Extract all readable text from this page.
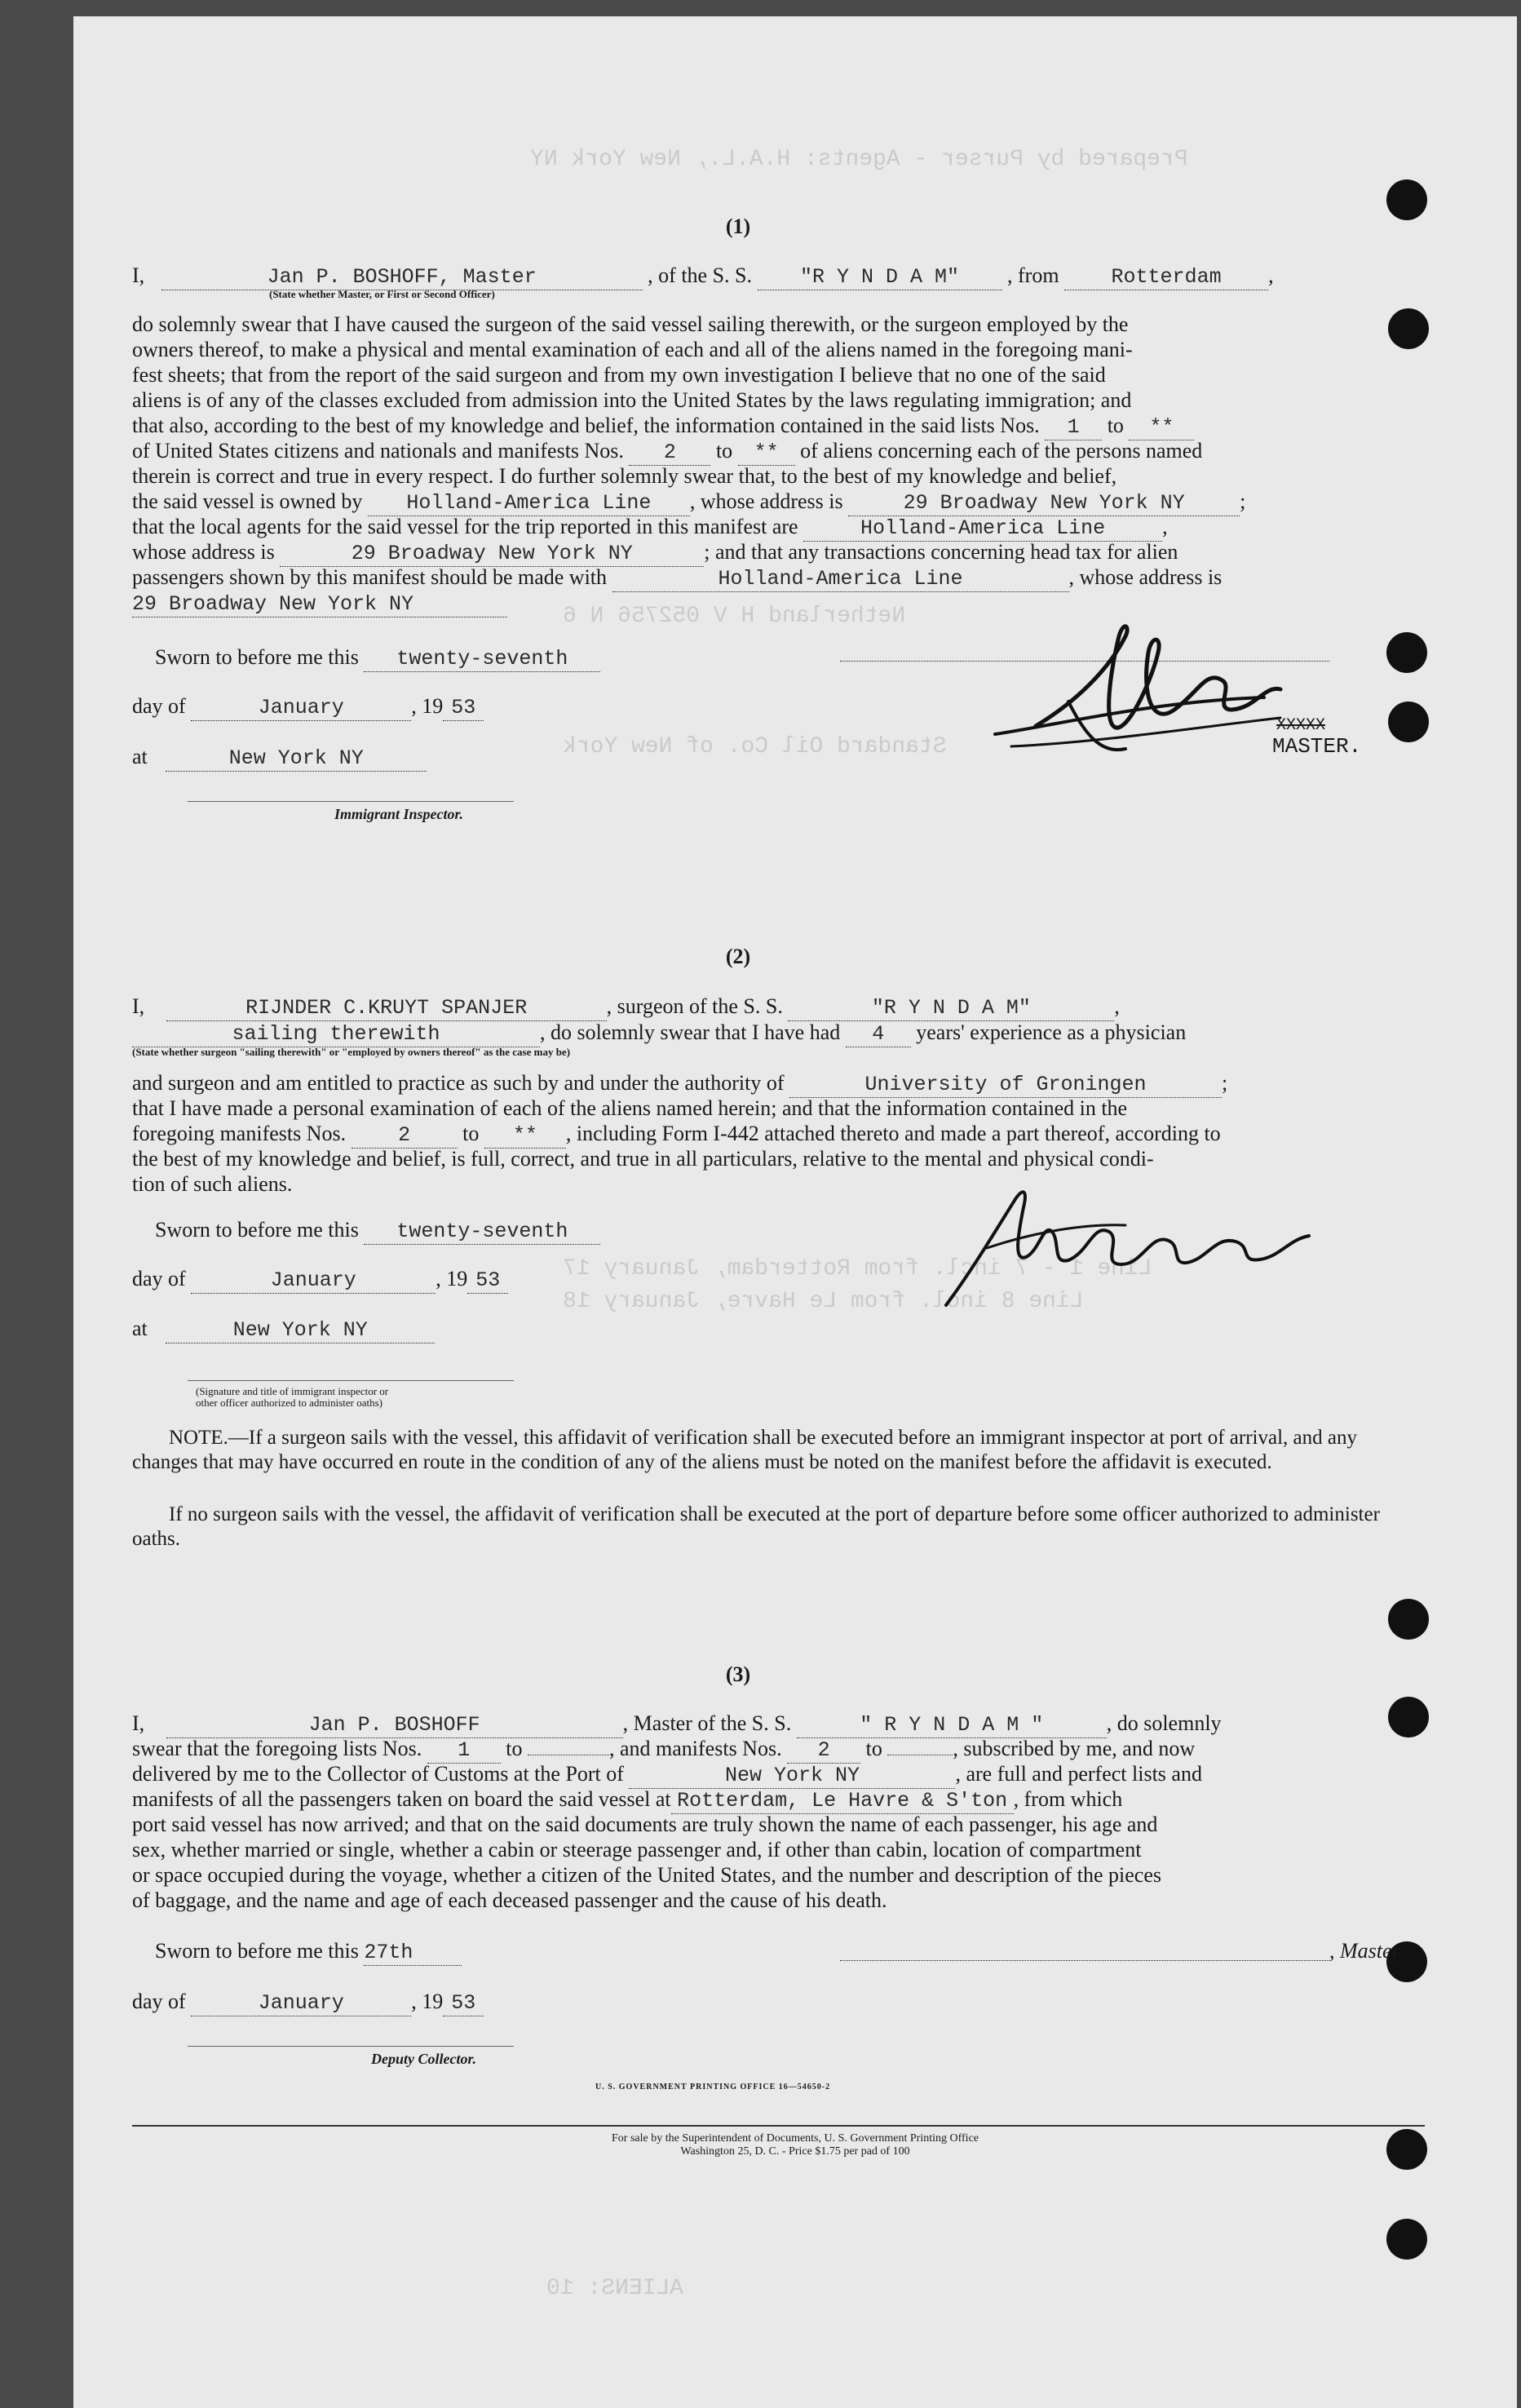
Prepared by Purser - Agents: H.A.L., New York NY
Netherland H V 052756 N 6
Standard Oil Co. of New York
Line 1 - 7 incl. from Rotterdam, January 17
Line 8 incl. from Le Havre, January 18
ALIENS: 10
(1)
I,	Jan P. BOSHOFF, Master	, of the S. S. "R Y N D A M" , from	Rotterdam ,
(State whether Master, or First or Second Officer)
do solemnly swear that I have caused the surgeon of the said vessel sailing therewith, or the surgeon employed by the
owners thereof, to make a physical and mental examination of each and all of the aliens named in the foregoing mani-
fest sheets; that from the report of the said surgeon and from my own investigation I believe that no one of the said
aliens is of any of the classes excluded from admission into the United States by the laws regulating immigration; and
that also, according to the best of my knowledge and belief, the information contained in the said lists Nos. 1 to **
of United States citizens and nationals and manifests Nos. 2 to ** of aliens concerning each of the persons named
therein is correct and true in every respect. I do further solemnly swear that, to the best of my knowledge and belief,
the said vessel is owned by Holland-America Line , whose address is	29 Broadway New York NY	;
that the local agents for the said vessel for the trip reported in this manifest are	Holland-America Line	,
whose address is	29 Broadway New York NY	; and that any transactions concerning head tax for alien
passengers shown by this manifest should be made with	Holland-America Line	, whose address is
29 Broadway New York NY
Sworn to before me this twenty-seventh
day of	January	, 19 53
at	New York NY
Immigrant Inspector.
XXXXX
MASTER.
(2)
I,	RIJNDER C.KRUYT SPANJER	, surgeon of the S. S.	"R Y N D A M"	,
sailing therewith	, do solemnly swear that I have had 4 years' experience as a physician
(State whether surgeon "sailing therewith" or "employed by owners thereof" as the case may be)
and surgeon and am entitled to practice as such by and under the authority of	University of Groningen	;
that I have made a personal examination of each of the aliens named herein; and that the information contained in the
foregoing manifests Nos.	2 to ** , including Form I-442 attached thereto and made a part thereof, according to
the best of my knowledge and belief, is full, correct, and true in all particulars, relative to the mental and physical condi-
tion of such aliens.
Sworn to before me this twenty-seventh
day of	January	, 19 53
at	New York NY
(Signature and title of immigrant inspector or
other officer authorized to administer oaths)
NOTE.—If a surgeon sails with the vessel, this affidavit of verification shall be executed before an immigrant inspector at port of arrival, and any changes that may have occurred en route in the condition of any of the aliens must be noted on the manifest before the affidavit is executed.
If no surgeon sails with the vessel, the affidavit of verification shall be executed at the port of departure before some officer authorized to administer oaths.
(3)
I,	Jan P. BOSHOFF	, Master of the S. S.	" R Y N D A M "	, do solemnly
swear that the foregoing lists Nos. 1 to	, and manifests Nos. 2 to	, subscribed by me, and now
delivered by me to the Collector of Customs at the Port of	New York NY	, are full and perfect lists and
manifests of all the passengers taken on board the said vessel at Rotterdam, Le Havre & S'ton , from which
port said vessel has now arrived; and that on the said documents are truly shown the name of each passenger, his age and
sex, whether married or single, whether a cabin or steerage passenger and, if other than cabin, location of compartment
or space occupied during the voyage, whether a citizen of the United States, and the number and description of the pieces
of baggage, and the name and age of each deceased passenger and the cause of his death.
Sworn to before me this 27th	, Master
day of	January	, 19 53
Deputy Collector.
U. S. GOVERNMENT PRINTING OFFICE 16—54650-2
For sale by the Superintendent of Documents, U. S. Government Printing Office
Washington 25, D. C. - Price $1.75 per pad of 100
